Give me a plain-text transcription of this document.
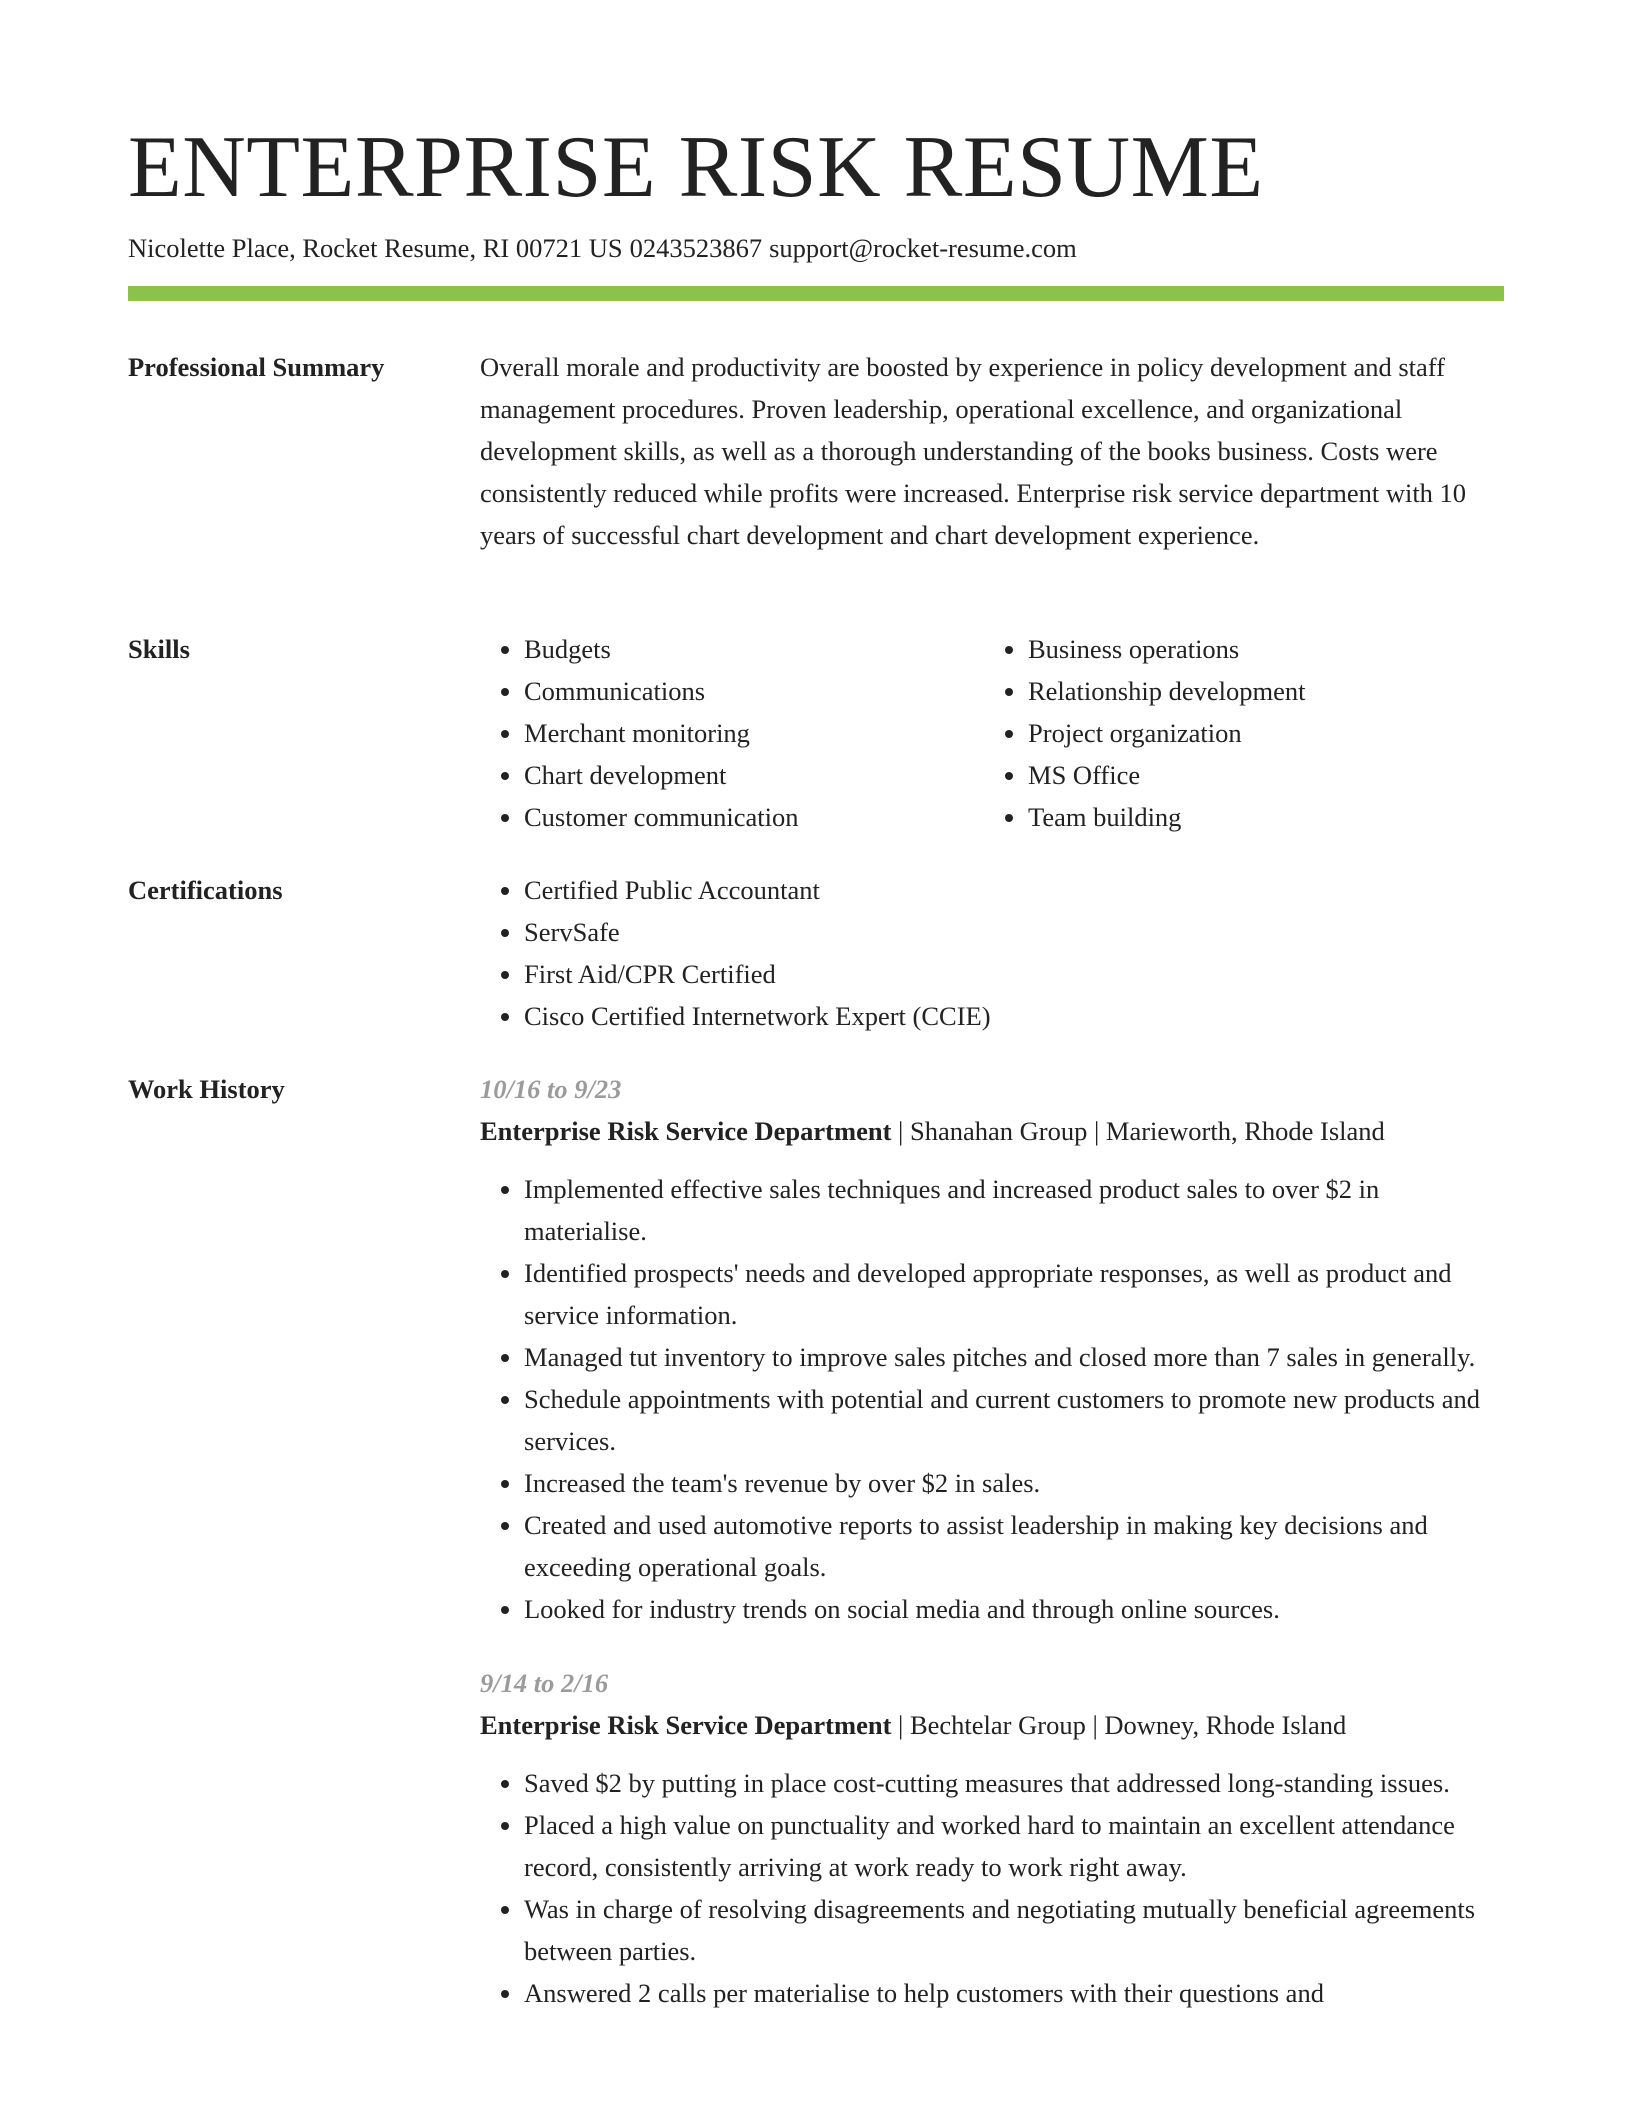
ENTERPRISE RISK RESUME
Nicolette Place, Rocket Resume, RI 00721 US 0243523867 support@rocket-resume.com
Professional Summary	Overall morale and productivity are boosted by experience in policy development and staff management procedures. Proven leadership, operational excellence, and organizational development skills, as well as a thorough understanding of the books business. Costs were consistently reduced while profits were increased. Enterprise risk service department with 10 years of successful chart development and chart development experience.

Skills	• Budgets
• Communications
• Merchant monitoring
• Chart development
• Customer communication
• Business operations
• Relationship development
• Project organization
• MS Office
• Team building
Certifications	• Certified Public Accountant
• ServSafe
• First Aid/CPR Certified
• Cisco Certified Internetwork Expert (CCIE)
Work History	10/16 to 9/23
Enterprise Risk Service Department | Shanahan Group | Marieworth, Rhode Island
• Implemented effective sales techniques and increased product sales to over $2 in materialise.
• Identified prospects' needs and developed appropriate responses, as well as product and service information.
• Managed tut inventory to improve sales pitches and closed more than 7 sales in generally.
• Schedule appointments with potential and current customers to promote new products and services.
• Increased the team's revenue by over $2 in sales.
• Created and used automotive reports to assist leadership in making key decisions and exceeding operational goals.
• Looked for industry trends on social media and through online sources.
9/14 to 2/16
Enterprise Risk Service Department | Bechtelar Group | Downey, Rhode Island
• Saved $2 by putting in place cost-cutting measures that addressed long-standing issues.
• Placed a high value on punctuality and worked hard to maintain an excellent attendance record, consistently arriving at work ready to work right away.
• Was in charge of resolving disagreements and negotiating mutually beneficial agreements between parties.
• Answered 2 calls per materialise to help customers with their questions and
